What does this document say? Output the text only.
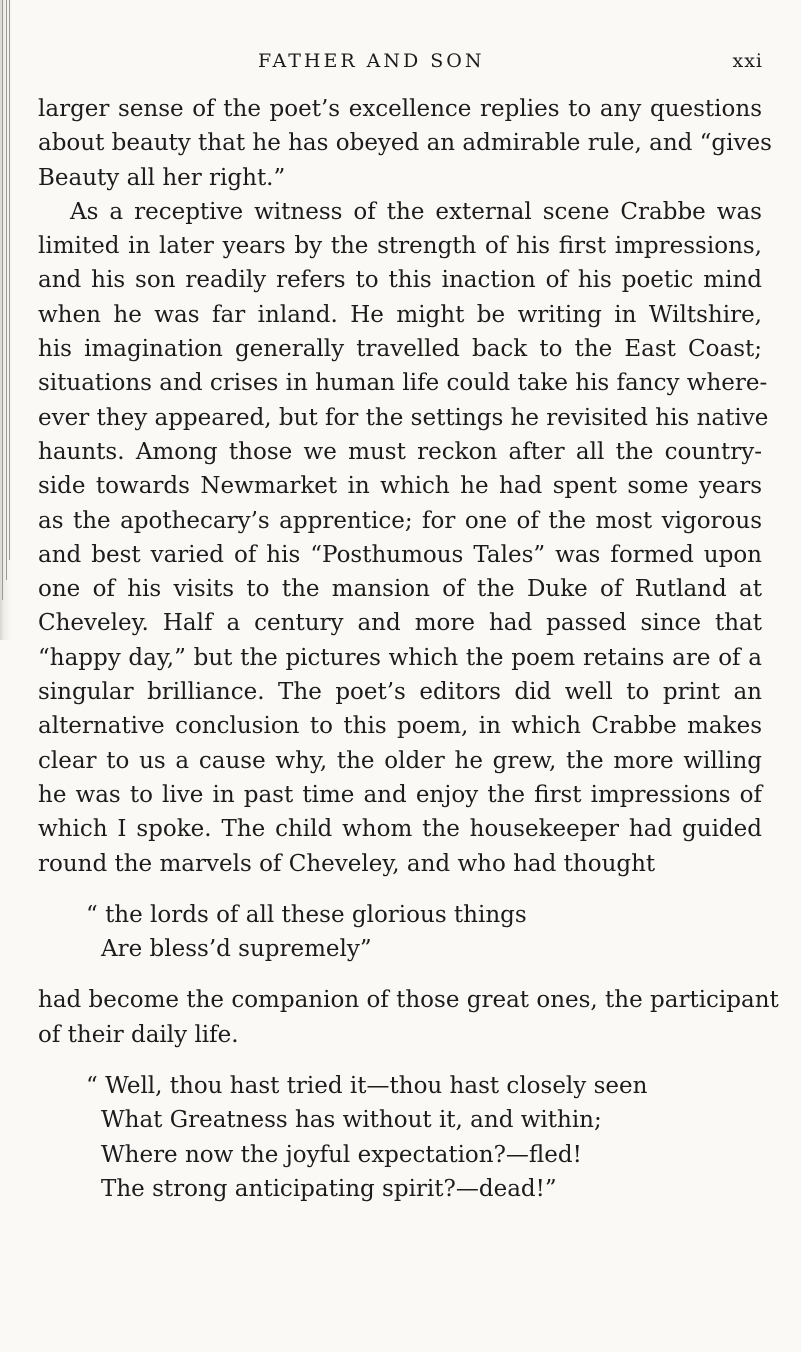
FATHER AND SON	xxi
larger sense of the poet’s excellence replies to any questions
about beauty that he has obeyed an admirable rule, and “gives
Beauty all her right.”
As a receptive witness of the external scene Crabbe was
limited in later years by the strength of his first impressions,
and his son readily refers to this inaction of his poetic mind
when he was far inland. He might be writing in Wiltshire,
his imagination generally travelled back to the East Coast;
situations and crises in human life could take his fancy where-
ever they appeared, but for the settings he revisited his native
haunts. Among those we must reckon after all the country-
side towards Newmarket in which he had spent some years
as the apothecary’s apprentice; for one of the most vigorous
and best varied of his “Posthumous Tales” was formed upon
one of his visits to the mansion of the Duke of Rutland at
Cheveley. Half a century and more had passed since that
“happy day,” but the pictures which the poem retains are of a
singular brilliance. The poet’s editors did well to print an
alternative conclusion to this poem, in which Crabbe makes
clear to us a cause why, the older he grew, the more willing
he was to live in past time and enjoy the first impressions of
which I spoke. The child whom the housekeeper had guided
round the marvels of Cheveley, and who had thought
“ the lords of all these glorious things
Are bless’d supremely”
had become the companion of those great ones, the participant
of their daily life.
“ Well, thou hast tried it—thou hast closely seen
What Greatness has without it, and within;
Where now the joyful expectation?—fled!
The strong anticipating spirit?—dead!”
